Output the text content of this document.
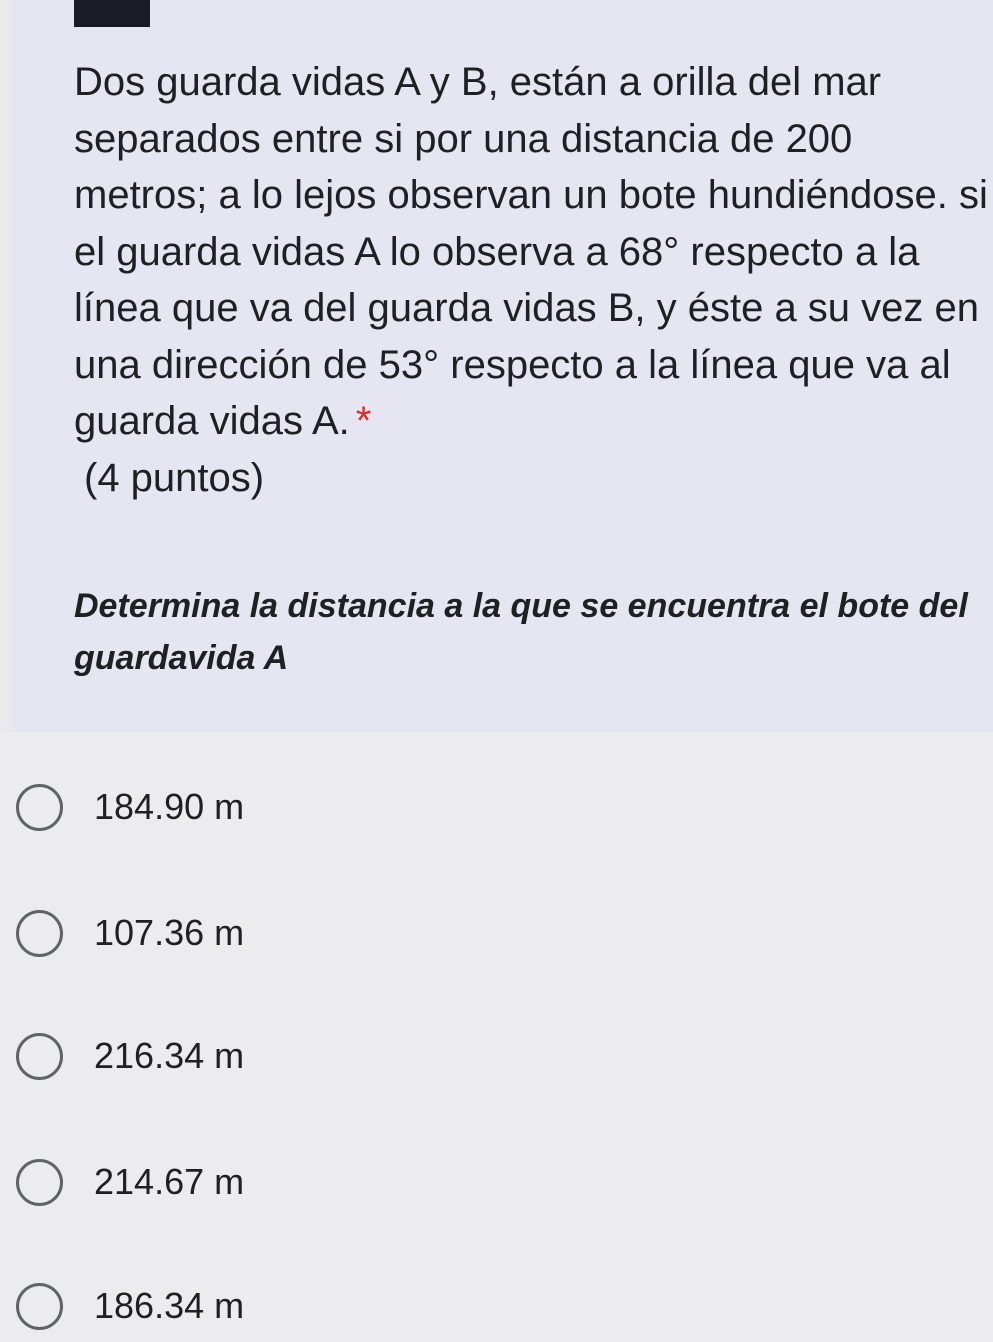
Dos guarda vidas A y B, están a orilla del mar separados entre si por una distancia de 200 metros; a lo lejos observan un bote hundiéndose. si el guarda vidas A lo observa a 68° respecto a la línea que va del guarda vidas B, y éste a su vez en una dirección de 53° respecto a la línea que va al guarda vidas A. *

(4 puntos)

Determina la distancia a la que se encuentra el bote del guardavida A

184.90 m
107.36 m
216.34 m
214.67 m
186.34 m
